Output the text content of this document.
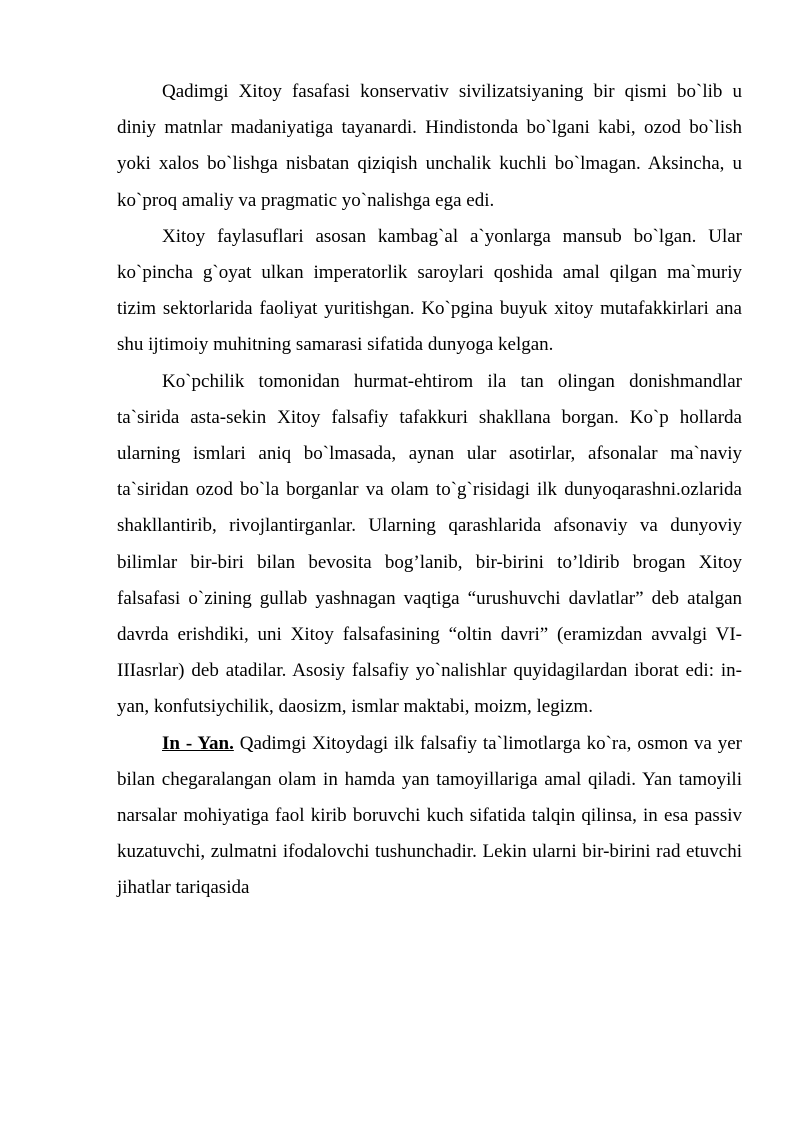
Qadimgi Xitoy fasafasi konservativ sivilizatsiyaning bir qismi bo`lib u diniy matnlar madaniyatiga tayanardi. Hindistonda bo`lgani kabi, ozod bo`lish yoki xalos bo`lishga nisbatan qiziqish unchalik kuchli bo`lmagan. Aksincha, u ko`proq amaliy va pragmatic yo`nalishga ega edi.

Xitoy faylasuflari asosan kambag`al a`yonlarga mansub bo`lgan. Ular ko`pincha g`oyat ulkan imperatorlik saroylari qoshida amal qilgan ma`muriy tizim sektorlarida faoliyat yuritishgan. Ko`pgina buyuk xitoy mutafakkirlari ana shu ijtimoiy muhitning samarasi sifatida dunyoga kelgan.

Ko`pchilik tomonidan hurmat-ehtirom ila tan olingan donishmandlar ta`sirida asta-sekin Xitoy falsafiy tafakkuri shakllana borgan. Ko`p hollarda ularning ismlari aniq bo`lmasada, aynan ular asotirlar, afsonalar ma`naviy ta`siridan ozod bo`la borganlar va olam to`g`risidagi ilk dunyoqarashni.ozlarida shakllantirib, rivojlantirganlar. Ularning qarashlarida afsonaviy va dunyoviy bilimlar bir-biri bilan bevosita bog’lanib, bir-birini to’ldirib brogan Xitoy falsafasi o`zining gullab yashnagan vaqtiga “urushuvchi davlatlar” deb atalgan davrda erishdiki, uni Xitoy falsafasining “oltin davri” (eramizdan avvalgi VI-IIIasrlar) deb atadilar. Asosiy falsafiy yo`nalishlar quyidagilardan iborat edi: in-yan, konfutsiychilik, daosizm, ismlar maktabi, moizm, legizm.

In - Yan. Qadimgi Xitoydagi ilk falsafiy ta`limotlarga ko`ra, osmon va yer bilan chegaralangan olam in hamda yan tamoyillariga amal qiladi. Yan tamoyili narsalar mohiyatiga faol kirib boruvchi kuch sifatida talqin qilinsa, in esa passiv kuzatuvchi, zulmatni ifodalovchi tushunchadir. Lekin ularni bir-birini rad etuvchi jihatlar tariqasida
